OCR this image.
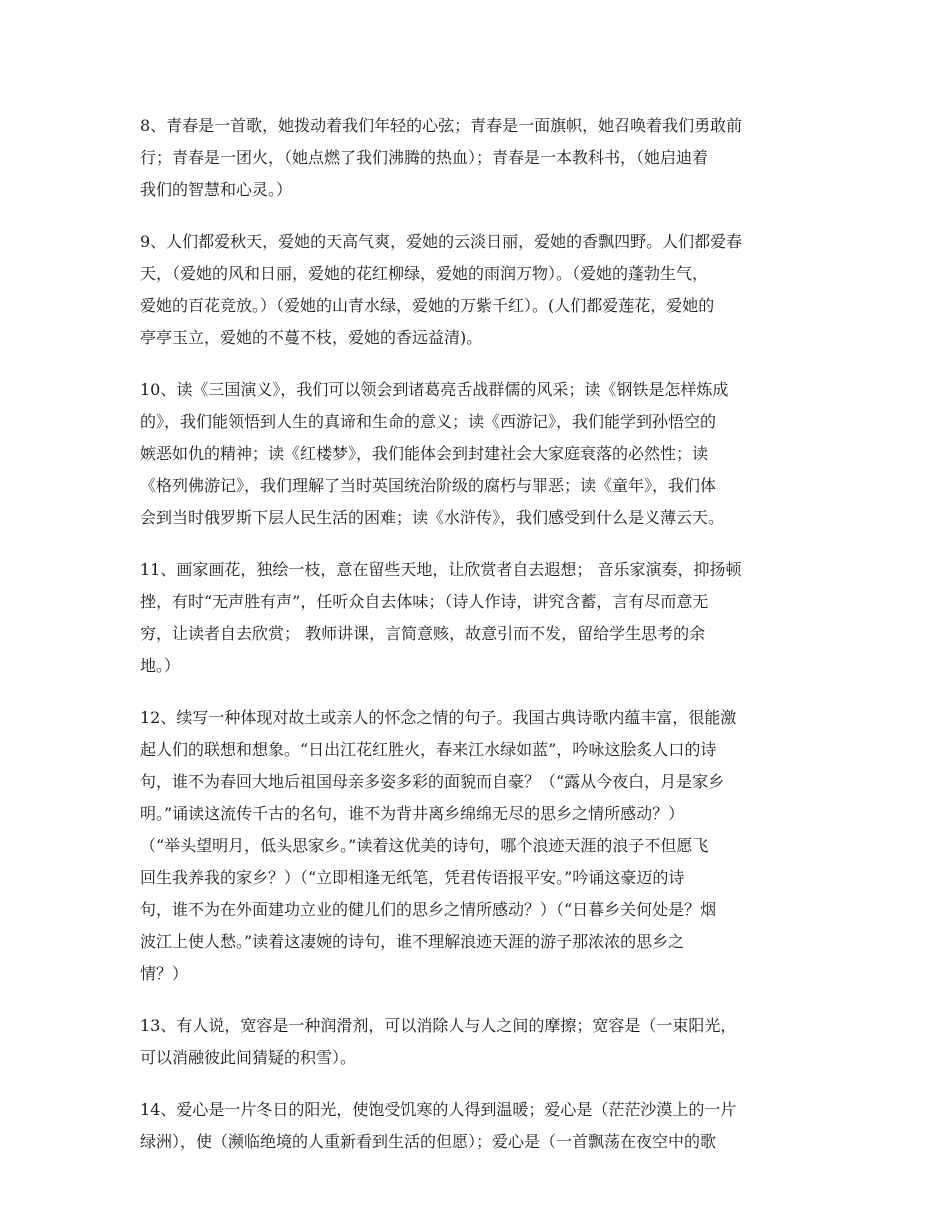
8、青春是一首歌，她拨动着我们年轻的心弦；青春是一面旗帜，她召唤着我们勇敢前
行；青春是一团火，（她点燃了我们沸腾的热血）；青春是一本教科书，（她启迪着
我们的智慧和心灵。）

9、人们都爱秋天，爱她的天高气爽，爱她的云淡日丽，爱她的香飘四野。人们都爱春
天，（爱她的风和日丽，爱她的花红柳绿，爱她的雨润万物）。（爱她的蓬勃生气，
爱她的百花竞放。）（爱她的山青水绿，爱她的万紫千红）。(人们都爱莲花，爱她的
亭亭玉立，爱她的不蔓不枝，爱她的香远益清)。

10、读《三国演义》，我们可以领会到诸葛亮舌战群儒的风采；读《钢铁是怎样炼成
的》，我们能领悟到人生的真谛和生命的意义；读《西游记》，我们能学到孙悟空的
嫉恶如仇的精神；读《红楼梦》，我们能体会到封建社会大家庭衰落的必然性；读
《格列佛游记》，我们理解了当时英国统治阶级的腐朽与罪恶；读《童年》，我们体
会到当时俄罗斯下层人民生活的困难；读《水浒传》，我们感受到什么是义薄云天。

11、画家画花，独绘一枝，意在留些天地，让欣赏者自去遐想； 音乐家演奏，抑扬顿
挫，有时“无声胜有声”，任听众自去体味；（诗人作诗，讲究含蓄，言有尽而意无
穷，让读者自去欣赏； 教师讲课，言简意赅，故意引而不发，留给学生思考的余
地。）

12、续写一种体现对故土或亲人的怀念之情的句子。我国古典诗歌内蕴丰富，很能激
起人们的联想和想象。“日出江花红胜火，春来江水绿如蓝”，吟咏这脍炙人口的诗
句，谁不为春回大地后祖国母亲多姿多彩的面貌而自豪？（“露从今夜白，月是家乡
明。”诵读这流传千古的名句，谁不为背井离乡绵绵无尽的思乡之情所感动？）
（“举头望明月，低头思家乡。”读着这优美的诗句，哪个浪迹天涯的浪子不但愿飞
回生我养我的家乡？）（“立即相逢无纸笔，凭君传语报平安。”吟诵这豪迈的诗
句，谁不为在外面建功立业的健儿们的思乡之情所感动？）（“日暮乡关何处是？烟
波江上使人愁。”读着这凄婉的诗句，谁不理解浪迹天涯的游子那浓浓的思乡之
情？）

13、有人说，宽容是一种润滑剂，可以消除人与人之间的摩擦；宽容是（一束阳光，
可以消融彼此间猜疑的积雪）。

14、爱心是一片冬日的阳光，使饱受饥寒的人得到温暖；爱心是（茫茫沙漠上的一片
绿洲），使（濒临绝境的人重新看到生活的但愿）；爱心是（一首飘荡在夜空中的歌
